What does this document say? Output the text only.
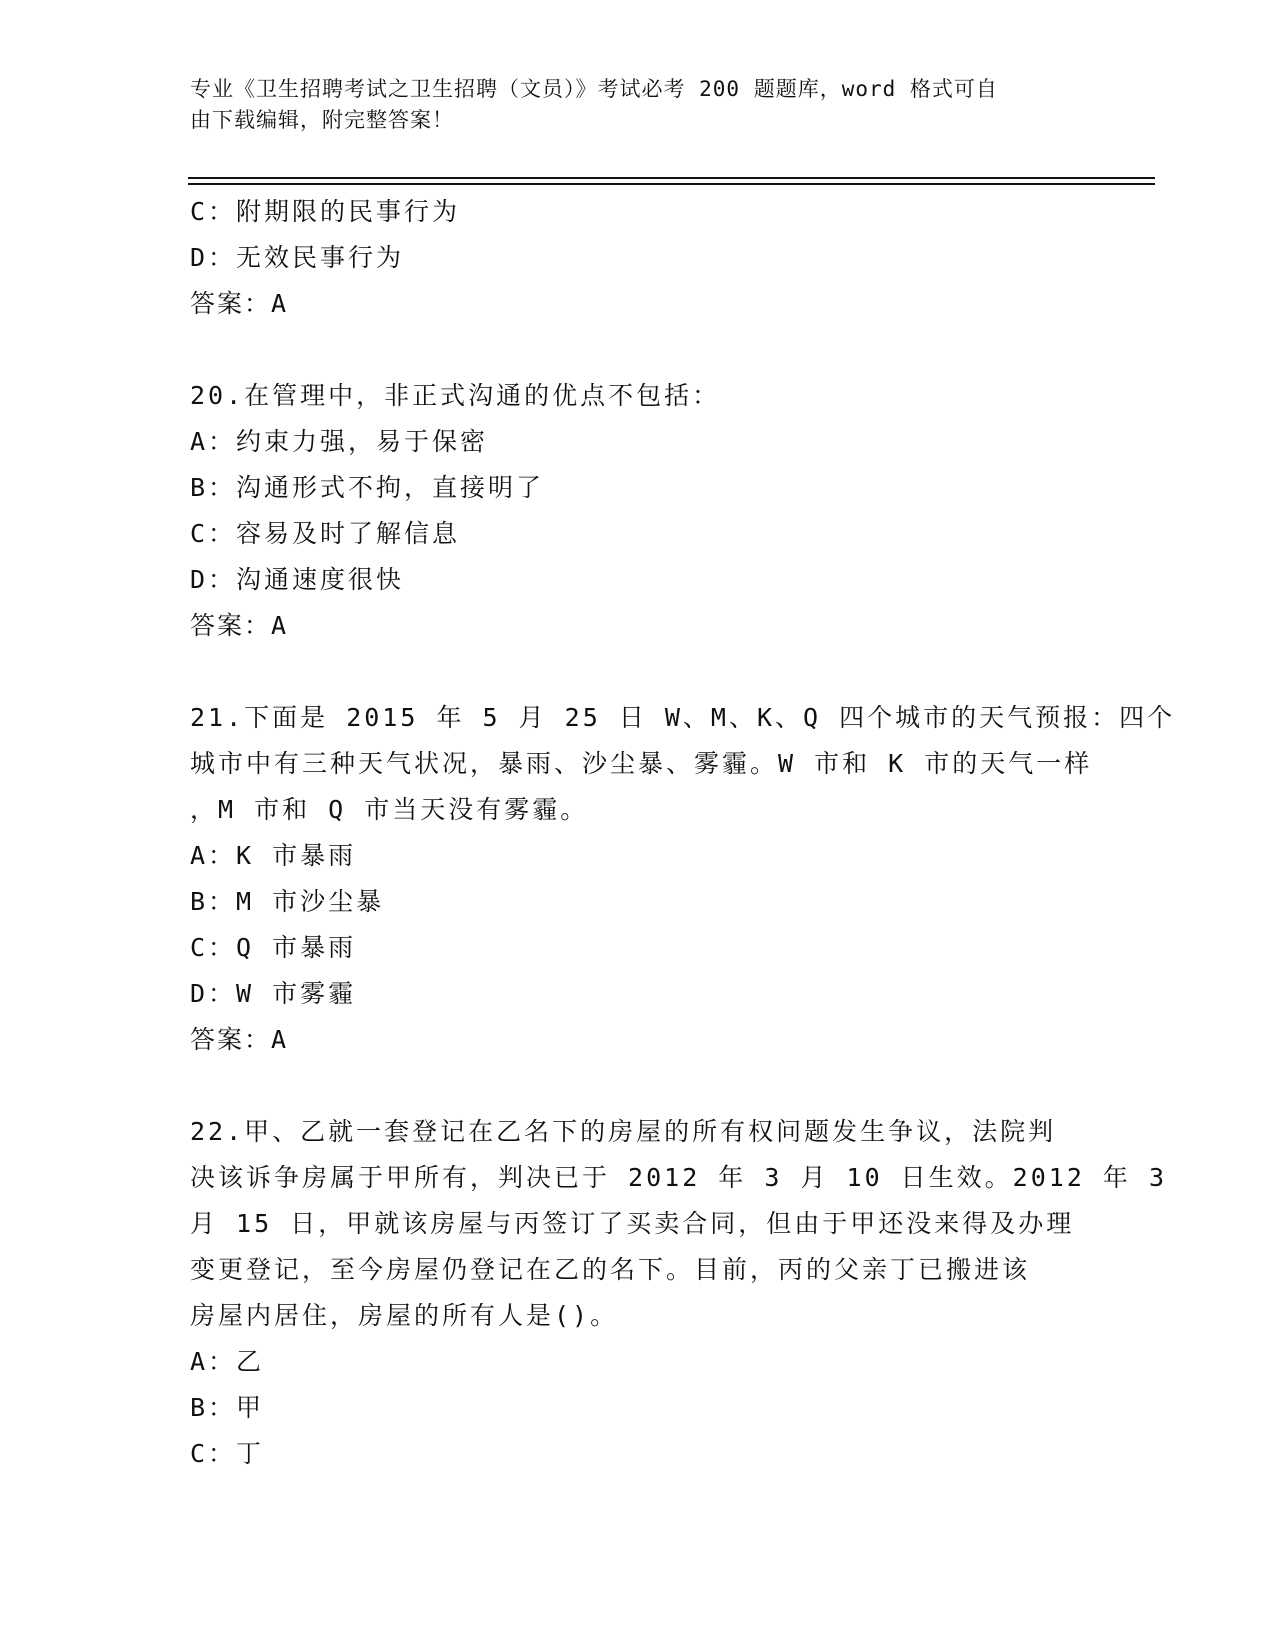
专业《卫生招聘考试之卫生招聘（文员）》考试必考 200 题题库，word 格式可自
由下载编辑，附完整答案！
C：附期限的民事行为
D：无效民事行为
答案：A
20.在管理中，非正式沟通的优点不包括：
A：约束力强，易于保密
B：沟通形式不拘，直接明了
C：容易及时了解信息
D：沟通速度很快
答案：A
21.下面是 2015 年 5 月 25 日 W、M、K、Q 四个城市的天气预报：四个
城市中有三种天气状况，暴雨、沙尘暴、雾霾。W 市和 K 市的天气一样
，M 市和 Q 市当天没有雾霾。
A：K 市暴雨
B：M 市沙尘暴
C：Q 市暴雨
D：W 市雾霾
答案：A
22.甲、乙就一套登记在乙名下的房屋的所有权问题发生争议，法院判
决该诉争房属于甲所有，判决已于 2012 年 3 月 10 日生效。2012 年 3
月 15 日，甲就该房屋与丙签订了买卖合同，但由于甲还没来得及办理
变更登记，至今房屋仍登记在乙的名下。目前，丙的父亲丁已搬进该
房屋内居住，房屋的所有人是()。
A：乙
B：甲
C：丁
